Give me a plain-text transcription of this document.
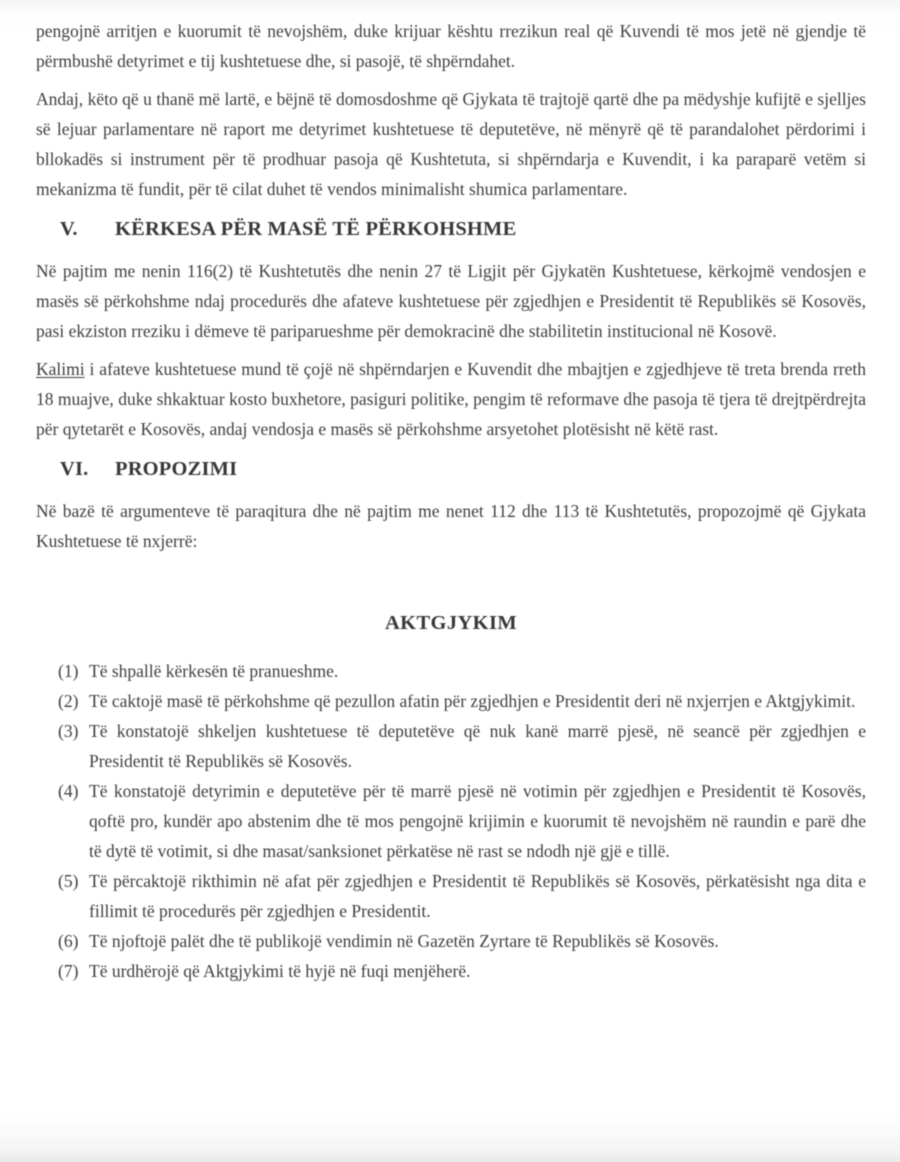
pengojnë arritjen e kuorumit të nevojshëm, duke krijuar kështu rrezikun real që Kuvendi të mos jetë në gjendje të përmbushë detyrimet e tij kushtetuese dhe, si pasojë, të shpërndahet.

Andaj, këto që u thanë më lartë, e bëjnë të domosdoshme që Gjykata të trajtojë qartë dhe pa mëdyshje kufijtë e sjelljes së lejuar parlamentare në raport me detyrimet kushtetuese të deputetëve, në mënyrë që të parandalohet përdorimi i bllokadës si instrument për të prodhuar pasoja që Kushtetuta, si shpërndarja e Kuvendit, i ka paraparë vetëm si mekanizma të fundit, për të cilat duhet të vendos minimalisht shumica parlamentare.

V. KËRKESA PËR MASË TË PËRKOHSHME

Në pajtim me nenin 116(2) të Kushtetutës dhe nenin 27 të Ligjit për Gjykatën Kushtetuese, kërkojmë vendosjen e masës së përkohshme ndaj procedurës dhe afateve kushtetuese për zgjedhjen e Presidentit të Republikës së Kosovës, pasi ekziston rreziku i dëmeve të pariparueshme për demokracinë dhe stabilitetin institucional në Kosovë.

Kalimi i afateve kushtetuese mund të çojë në shpërndarjen e Kuvendit dhe mbajtjen e zgjedhjeve të treta brenda rreth 18 muajve, duke shkaktuar kosto buxhetore, pasiguri politike, pengim të reformave dhe pasoja të tjera të drejtpërdrejta për qytetarët e Kosovës, andaj vendosja e masës së përkohshme arsyetohet plotësisht në këtë rast.

VI. PROPOZIMI

Në bazë të argumenteve të paraqitura dhe në pajtim me nenet 112 dhe 113 të Kushtetutës, propozojmë që Gjykata Kushtetuese të nxjerrë:

AKTGJYKIM

(1) Të shpallë kërkesën të pranueshme.

(2) Të caktojë masë të përkohshme që pezullon afatin për zgjedhjen e Presidentit deri në nxjerrjen e Aktgjykimit.

(3) Të konstatojë shkeljen kushtetuese të deputetëve që nuk kanë marrë pjesë, në seancë për zgjedhjen e Presidentit të Republikës së Kosovës.

(4) Të konstatojë detyrimin e deputetëve për të marrë pjesë në votimin për zgjedhjen e Presidentit të Kosovës, qoftë pro, kundër apo abstenim dhe të mos pengojnë krijimin e kuorumit të nevojshëm në raundin e parë dhe të dytë të votimit, si dhe masat/sanksionet përkatëse në rast se ndodh një gjë e tillë.

(5) Të përcaktojë rikthimin në afat për zgjedhjen e Presidentit të Republikës së Kosovës, përkatësisht nga dita e fillimit të procedurës për zgjedhjen e Presidentit.

(6) Të njoftojë palët dhe të publikojë vendimin në Gazetën Zyrtare të Republikës së Kosovës.

(7) Të urdhërojë që Aktgjykimi të hyjë në fuqi menjëherë.
